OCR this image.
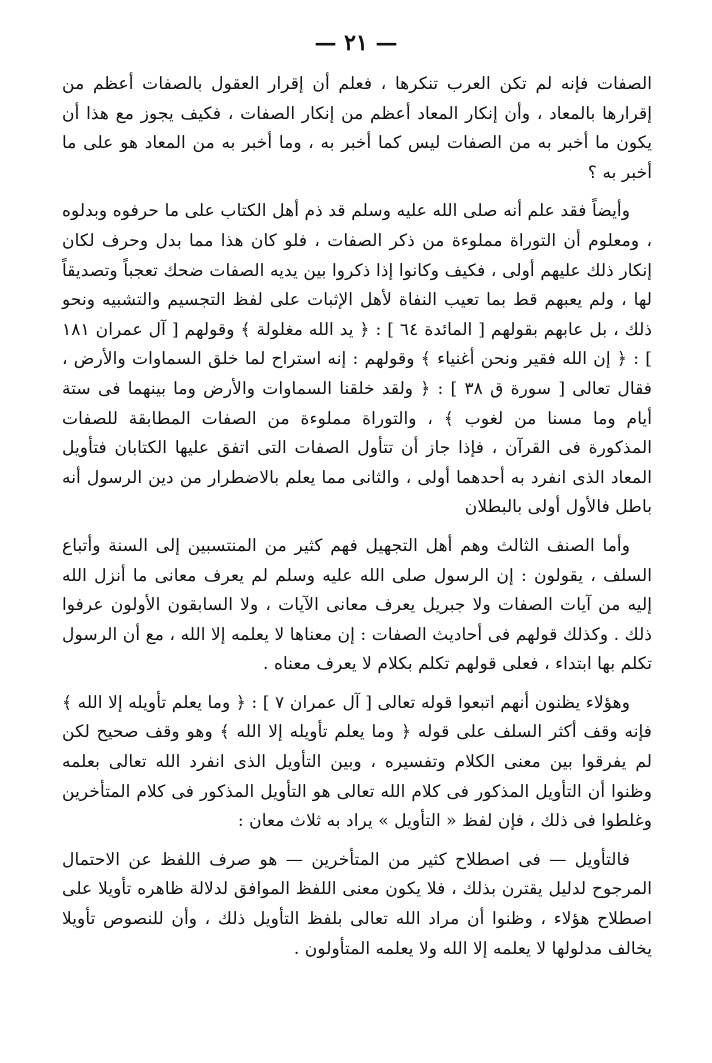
— ٢١ —

الصفات فإنه لم تكن العرب تنكرها ، فعلم أن إقرار العقول بالصفات أعظم من إقرارها بالمعاد ، وأن إنكار المعاد أعظم من إنكار الصفات ، فكيف يجوز مع هذا أن يكون ما أخبر به من الصفات ليس كما أخبر به ، وما أخبر به من المعاد هو على ما أخبر به ؟

وأيضاً فقد علم أنه صلى الله عليه وسلم قد ذم أهل الكتاب على ما حرفوه وبدلوه ، ومعلوم أن التوراة مملوءة من ذكر الصفات ، فلو كان هذا مما بدل وحرف لكان إنكار ذلك عليهم أولى ، فكيف وكانوا إذا ذكروا بين يديه الصفات ضحك تعجباً وتصديقاً لها ، ولم يعبهم قط بما تعيب النفاة لأهل الإثبات على لفظ التجسيم والتشبيه ونحو ذلك ، بل عابهم بقولهم [ المائدة ٦٤ ] : ﴿ يد الله مغلولة ﴾ وقولهم [ آل عمران ١٨١ ] : ﴿ إن الله فقير ونحن أغنياء ﴾ وقولهم : إنه استراح لما خلق السماوات والأرض ، فقال تعالى [ سورة ق ٣٨ ] : ﴿ ولقد خلقنا السماوات والأرض وما بينهما فى ستة أيام وما مسنا من لغوب ﴾ ، والتوراة مملوءة من الصفات المطابقة للصفات المذكورة فى القرآن ، فإذا جاز أن تتأول الصفات التى اتفق عليها الكتابان فتأويل المعاد الذى انفرد به أحدهما أولى ، والثانى مما يعلم بالاضطرار من دين الرسول أنه باطل فالأول أولى بالبطلان

وأما الصنف الثالث وهم أهل التجهيل فهم كثير من المنتسبين إلى السنة وأتباع السلف ، يقولون : إن الرسول صلى الله عليه وسلم لم يعرف معانى ما أنزل الله إليه من آيات الصفات ولا جبريل يعرف معانى الآيات ، ولا السابقون الأولون عرفوا ذلك . وكذلك قولهم فى أحاديث الصفات : إن معناها لا يعلمه إلا الله ، مع أن الرسول تكلم بها ابتداء ، فعلى قولهم تكلم بكلام لا يعرف معناه .

وهؤلاء يظنون أنهم اتبعوا قوله تعالى [ آل عمران ٧ ] : ﴿ وما يعلم تأويله إلا الله ﴾ فإنه وقف أكثر السلف على قوله ﴿ وما يعلم تأويله إلا الله ﴾ وهو وقف صحيح لكن لم يفرقوا بين معنى الكلام وتفسيره ، وبين التأويل الذى انفرد الله تعالى بعلمه وظنوا أن التأويل المذكور فى كلام الله تعالى هو التأويل المذكور فى كلام المتأخرين وغلطوا فى ذلك ، فإن لفظ « التأويل » يراد به ثلاث معان :

فالتأويل — فى اصطلاح كثير من المتأخرين — هو صرف اللفظ عن الاحتمال المرجوح لدليل يقترن بذلك ، فلا يكون معنى اللفظ الموافق لدلالة ظاهره تأويلا على اصطلاح هؤلاء ، وظنوا أن مراد الله تعالى بلفظ التأويل ذلك ، وأن للنصوص تأويلا يخالف مدلولها لا يعلمه إلا الله ولا يعلمه المتأولون .
